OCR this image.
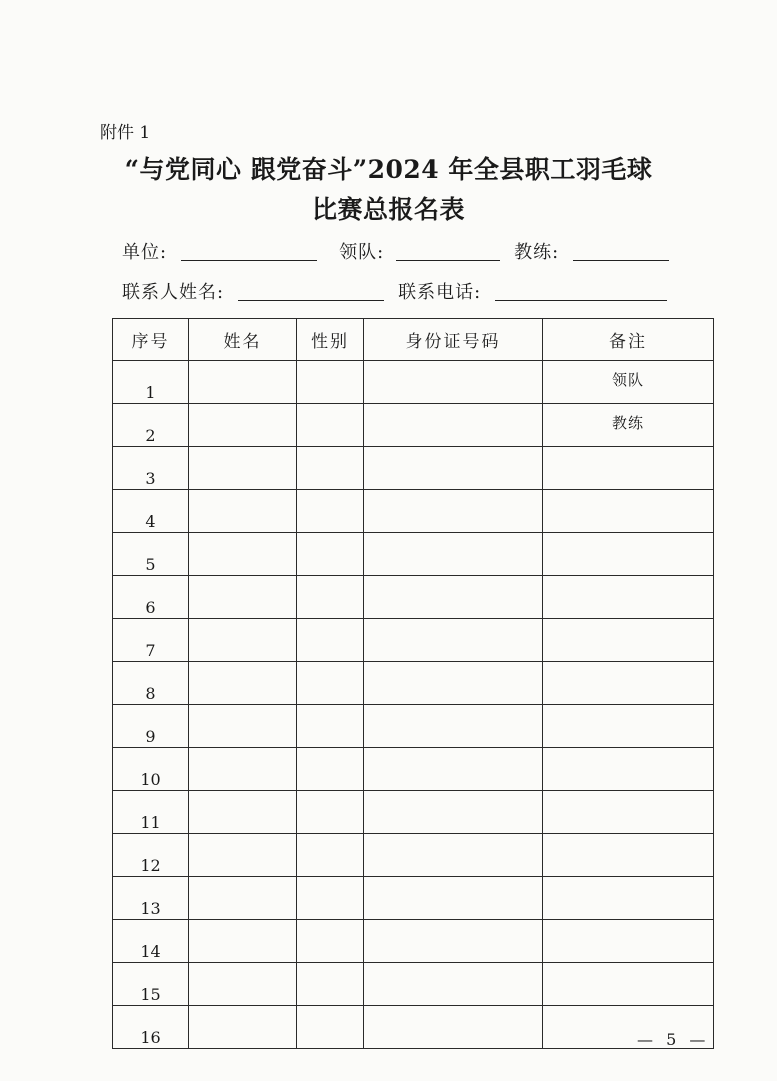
附件 1
“与党同心 跟党奋斗”2024 年全县职工羽毛球
比赛总报名表
单位:	领队:	教练:
联系人姓名:	联系电话:
序号	姓名	性别	身份证号码	备注
1				领队
2				教练
3				
4				
5				
6				
7				
8				
9				
10				
11				
12				
13				
14				
15				
16					— 5 —
